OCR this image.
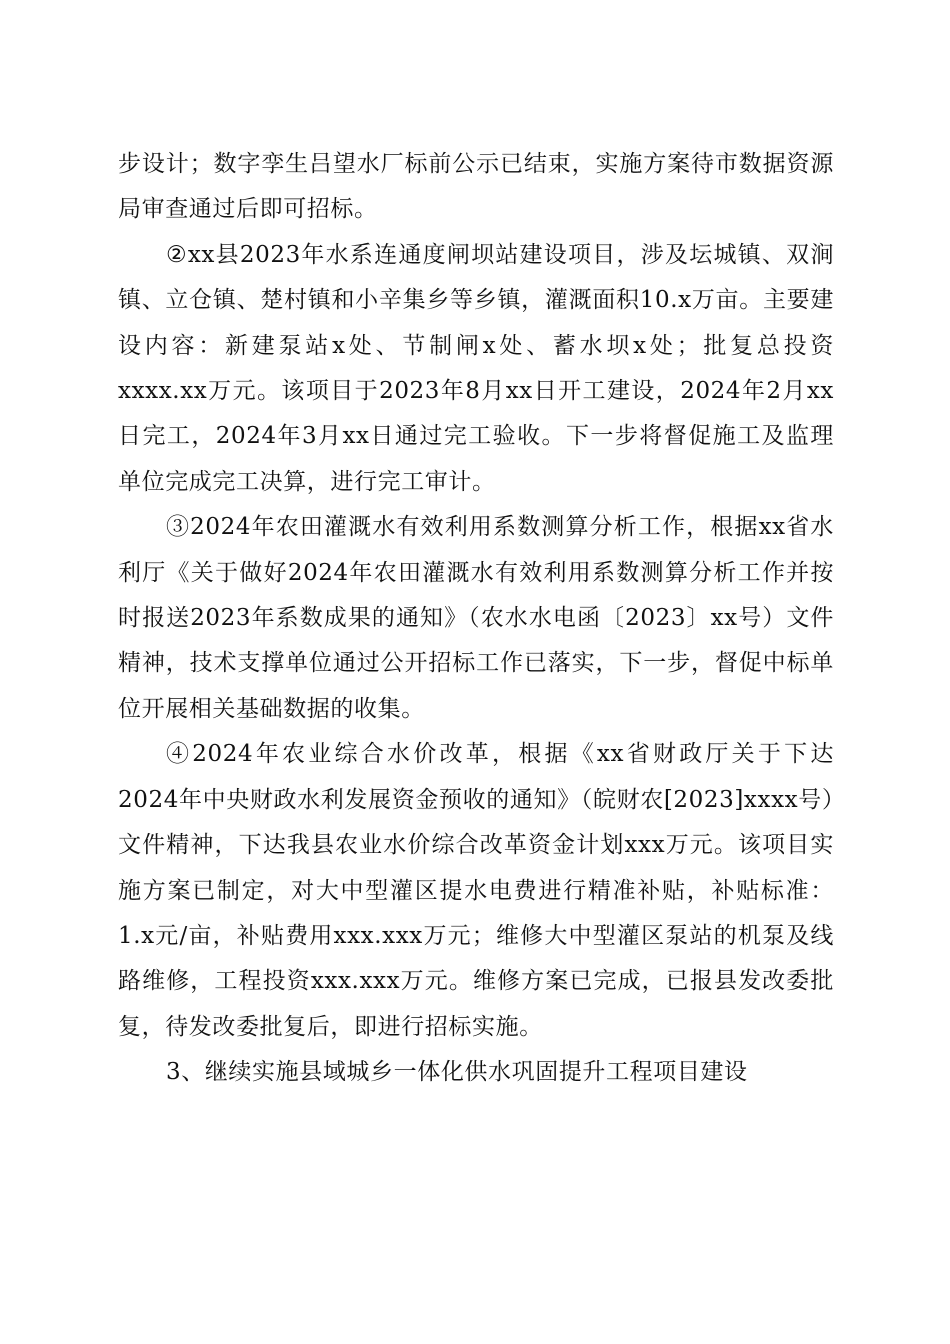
步设计；数字孪生吕望水厂标前公示已结束，实施方案待市数据资源局审查通过后即可招标。

②xx县2023年水系连通度闸坝站建设项目，涉及坛城镇、双涧镇、立仓镇、楚村镇和小辛集乡等乡镇，灌溉面积10.x万亩。主要建设内容：新建泵站x处、节制闸x处、蓄水坝x处；批复总投资xxxx.xx万元。该项目于2023年8月xx日开工建设，2024年2月xx日完工，2024年3月xx日通过完工验收。下一步将督促施工及监理单位完成完工决算，进行完工审计。

③2024年农田灌溉水有效利用系数测算分析工作，根据xx省水利厅《关于做好2024年农田灌溉水有效利用系数测算分析工作并按时报送2023年系数成果的通知》（农水水电函〔2023〕xx号）文件精神，技术支撑单位通过公开招标工作已落实，下一步，督促中标单位开展相关基础数据的收集。

④2024年农业综合水价改革，根据《xx省财政厅关于下达2024年中央财政水利发展资金预收的通知》（皖财农[2023]xxxx号）文件精神，下达我县农业水价综合改革资金计划xxx万元。该项目实施方案已制定，对大中型灌区提水电费进行精准补贴，补贴标准：1.x元/亩，补贴费用xxx.xxx万元；维修大中型灌区泵站的机泵及线路维修，工程投资xxx.xxx万元。维修方案已完成，已报县发改委批复，待发改委批复后，即进行招标实施。

3、继续实施县域城乡一体化供水巩固提升工程项目建设
